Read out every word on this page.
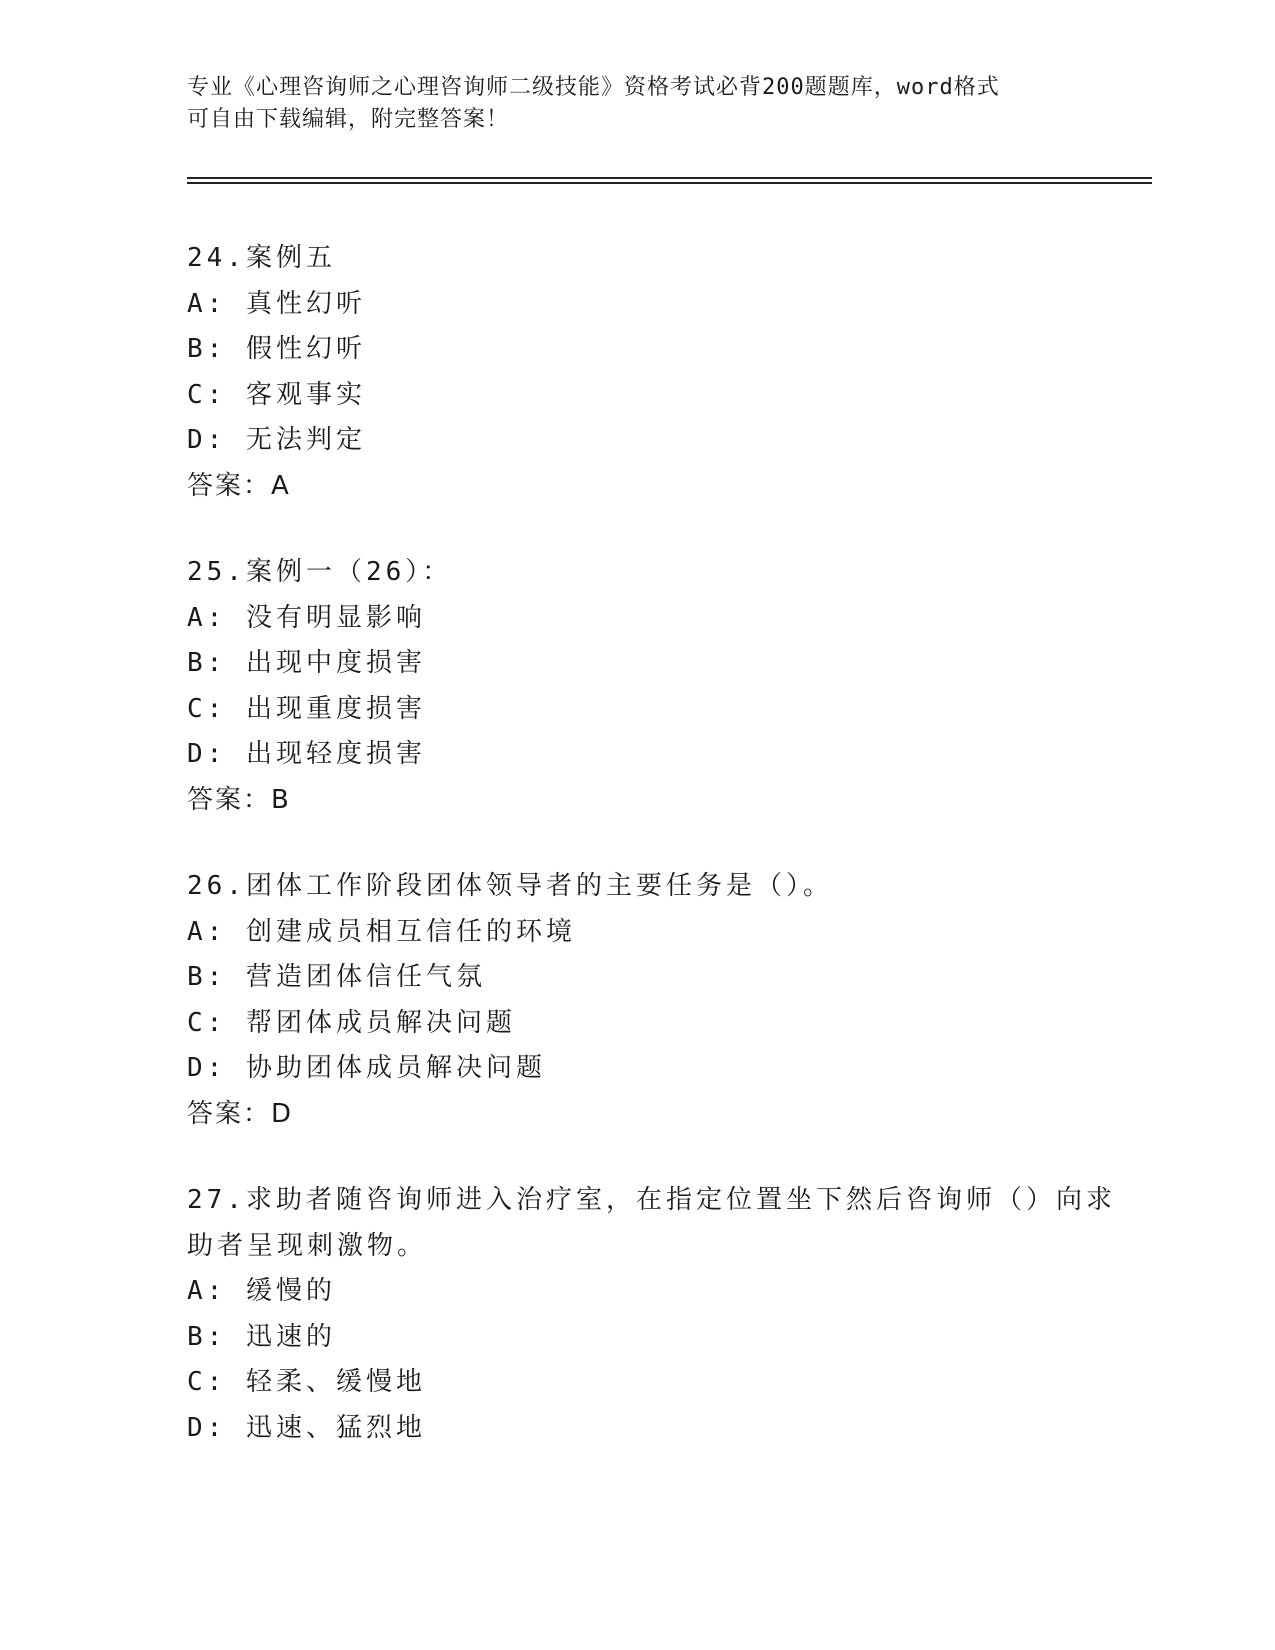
专业《心理咨询师之心理咨询师二级技能》资格考试必背200题题库，word格式
可自由下载编辑，附完整答案！
24.案例五
A: 真性幻听
B: 假性幻听
C: 客观事实
D: 无法判定
答案：A
25.案例一（26）：
A: 没有明显影响
B: 出现中度损害
C: 出现重度损害
D: 出现轻度损害
答案：B
26.团体工作阶段团体领导者的主要任务是（）。
A: 创建成员相互信任的环境
B: 营造团体信任气氛
C: 帮团体成员解决问题
D: 协助团体成员解决问题
答案：D
27.求助者随咨询师进入治疗室，在指定位置坐下然后咨询师（）向求
助者呈现刺激物。
A: 缓慢的
B: 迅速的
C: 轻柔、缓慢地
D: 迅速、猛烈地
